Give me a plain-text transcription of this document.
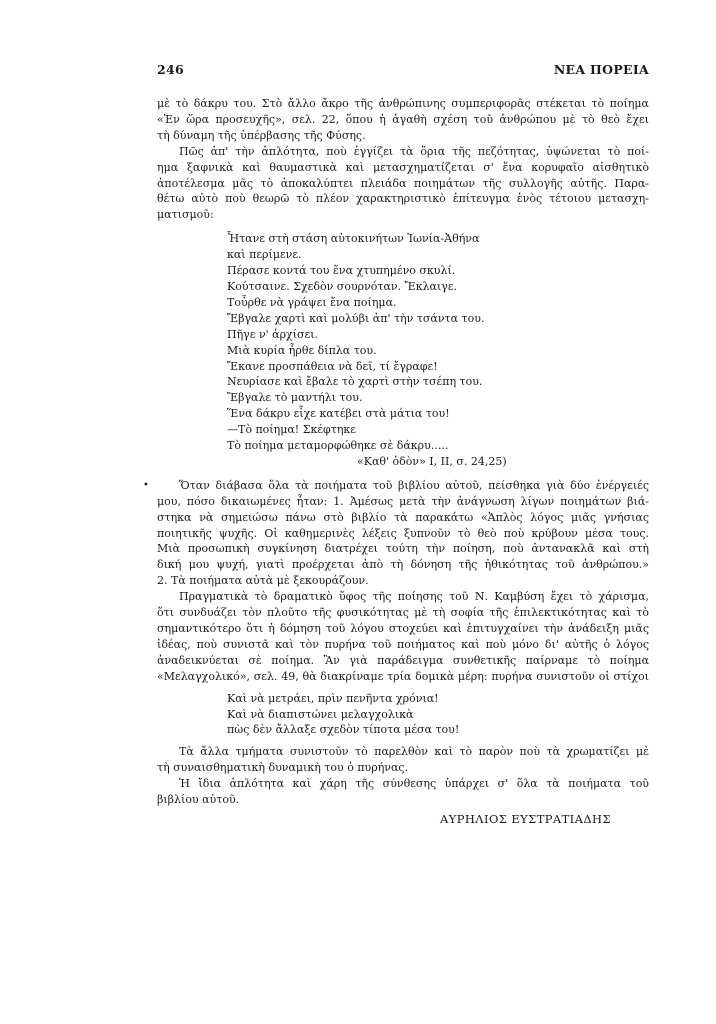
246	ΝΕΑ ΠΟΡΕΙΑ

μὲ τὸ δάκρυ του. Στὸ ἄλλο ἄκρο τῆς ἀνθρώπινης συμπεριφορᾶς στέκεται τὸ ποίημα
«Ἐν ὥρα προσευχῆς», σελ. 22, ὅπου ἡ ἀγαθὴ σχέση τοῦ ἀνθρώπου μὲ τὸ θεὸ ἔχει
τὴ δύναμη τῆς ὑπέρβασης τῆς Φύσης.

Πῶς ἀπ' τὴν ἁπλότητα, ποὺ ἐγγίζει τὰ ὅρια τῆς πεζότητας, ὑψώνεται τὸ ποί-
ημα ξαφνικὰ καὶ θαυμαστικὰ καὶ μετασχηματίζεται σ' ἕνα κορυφαῖο αἰσθητικὸ
ἀποτέλεσμα μᾶς τὸ ἀποκαλύπτει πλειάδα ποιημάτων τῆς συλλογῆς αὐτῆς. Παρα-
θέτω αὐτὸ ποὺ θεωρῶ τὸ πλέον χαρακτηριστικὸ ἐπίτευγμα ἑνὸς τέτοιου μετασχη-
ματισμοῦ:

Ἦτανε στὴ στάση αὐτοκινήτων Ἰωνία-Ἀθήνα
καὶ περίμενε.
Πέρασε κοντά του ἕνα χτυπημένο σκυλί.
Κούτσαινε. Σχεδὸν σουρνόταν. Ἔκλαιγε.
Τοὖρθε νὰ γράψει ἕνα ποίημα.
Ἔβγαλε χαρτὶ καὶ μολύβι ἀπ' τὴν τσάντα του.
Πῆγε ν' ἀρχίσει.
Μιὰ κυρία ἦρθε δίπλα του.
Ἔκανε προσπάθεια νὰ δεῖ, τί ἔγραφε!
Νευρίασε καὶ ἔβαλε τὸ χαρτὶ στὴν τσέπη του.
Ἔβγαλε τὸ μαντήλι του.
Ἕνα δάκρυ εἶχε κατέβει στὰ μάτια του!
—Τὸ ποίημα! Σκέφτηκε
Τὸ ποίημα μεταμορφώθηκε σὲ δάκρυ.....
«Καθ' ὁδὸν» Ι, ΙΙ, σ. 24,25)

•	Ὅταν διάβασα ὅλα τὰ ποιήματα τοῦ βιβλίου αὐτοῦ, πείσθηκα γιὰ δύο ἐνέργειές
μου, πόσο δικαιωμένες ἦταν: 1. Ἀμέσως μετὰ τὴν ἀνάγνωση λίγων ποιημάτων βιά-
στηκα νὰ σημειώσω πάνω στὸ βιβλίο τὰ παρακάτω «Ἁπλὸς λόγος μιᾶς γνήσιας
ποιητικῆς ψυχῆς. Οἱ καθημερινὲς λέξεις ξυπνοῦν τὸ θεὸ ποὺ κρύβουν μέσα τους.
Μιὰ προσωπικὴ συγκίνηση διατρέχει τούτη τὴν ποίηση, ποὺ ἀντανακλᾶ καὶ στὴ
δική μου ψυχή, γιατὶ προέρχεται ἀπὸ τὴ δόνηση τῆς ἠθικότητας τοῦ ἀνθρώπου.»
2. Τὰ ποιήματα αὐτὰ μὲ ξεκουράζουν.

Πραγματικὰ τὸ δραματικὸ ὕφος τῆς ποίησης τοῦ Ν. Καμβύση ἔχει τὸ χάρισμα,
ὅτι συνδυάζει τὸν πλοῦτο τῆς φυσικότητας μὲ τὴ σοφία τῆς ἐπιλεκτικότητας καὶ τὸ
σημαντικότερο ὅτι ἡ δόμηση τοῦ λόγου στοχεύει καὶ ἐπιτυγχαίνει τὴν ἀνάδειξη μιᾶς
ἰδέας, ποὺ συνιστᾶ καὶ τὸν πυρήνα τοῦ ποιήματος καὶ ποὺ μόνο δι' αὐτῆς ὁ λόγος
ἀναδεικνύεται σὲ ποίημα. Ἂν γιὰ παράδειγμα συνθετικῆς παίρναμε τὸ ποίημα
«Μελαγχολικό», σελ. 49, θὰ διακρίναμε τρία δομικὰ μέρη: πυρήνα συνιστοῦν οἱ στίχοι

Καὶ νὰ μετράει, πρὶν πενῆντα χρόνια!
Καὶ νὰ διαπιστώνει μελαγχολικὰ
πὼς δὲν ἄλλαξε σχεδὸν τίποτα μέσα του!

Τὰ ἄλλα τμήματα συνιστοῦν τὸ παρελθὸν καὶ τὸ παρὸν ποὺ τὰ χρωματίζει μὲ
τὴ συναισθηματικὴ δυναμικὴ του ὁ πυρήνας.

Ἡ ἴδια ἁπλότητα καὶ χάρη τῆς σύνθεσης ὑπάρχει σ' ὅλα τὰ ποιήματα τοῦ
βιβλίου αὐτοῦ.

ΑΥΡΗΛΙΟΣ ΕΥΣΤΡΑΤΙΑΔΗΣ
